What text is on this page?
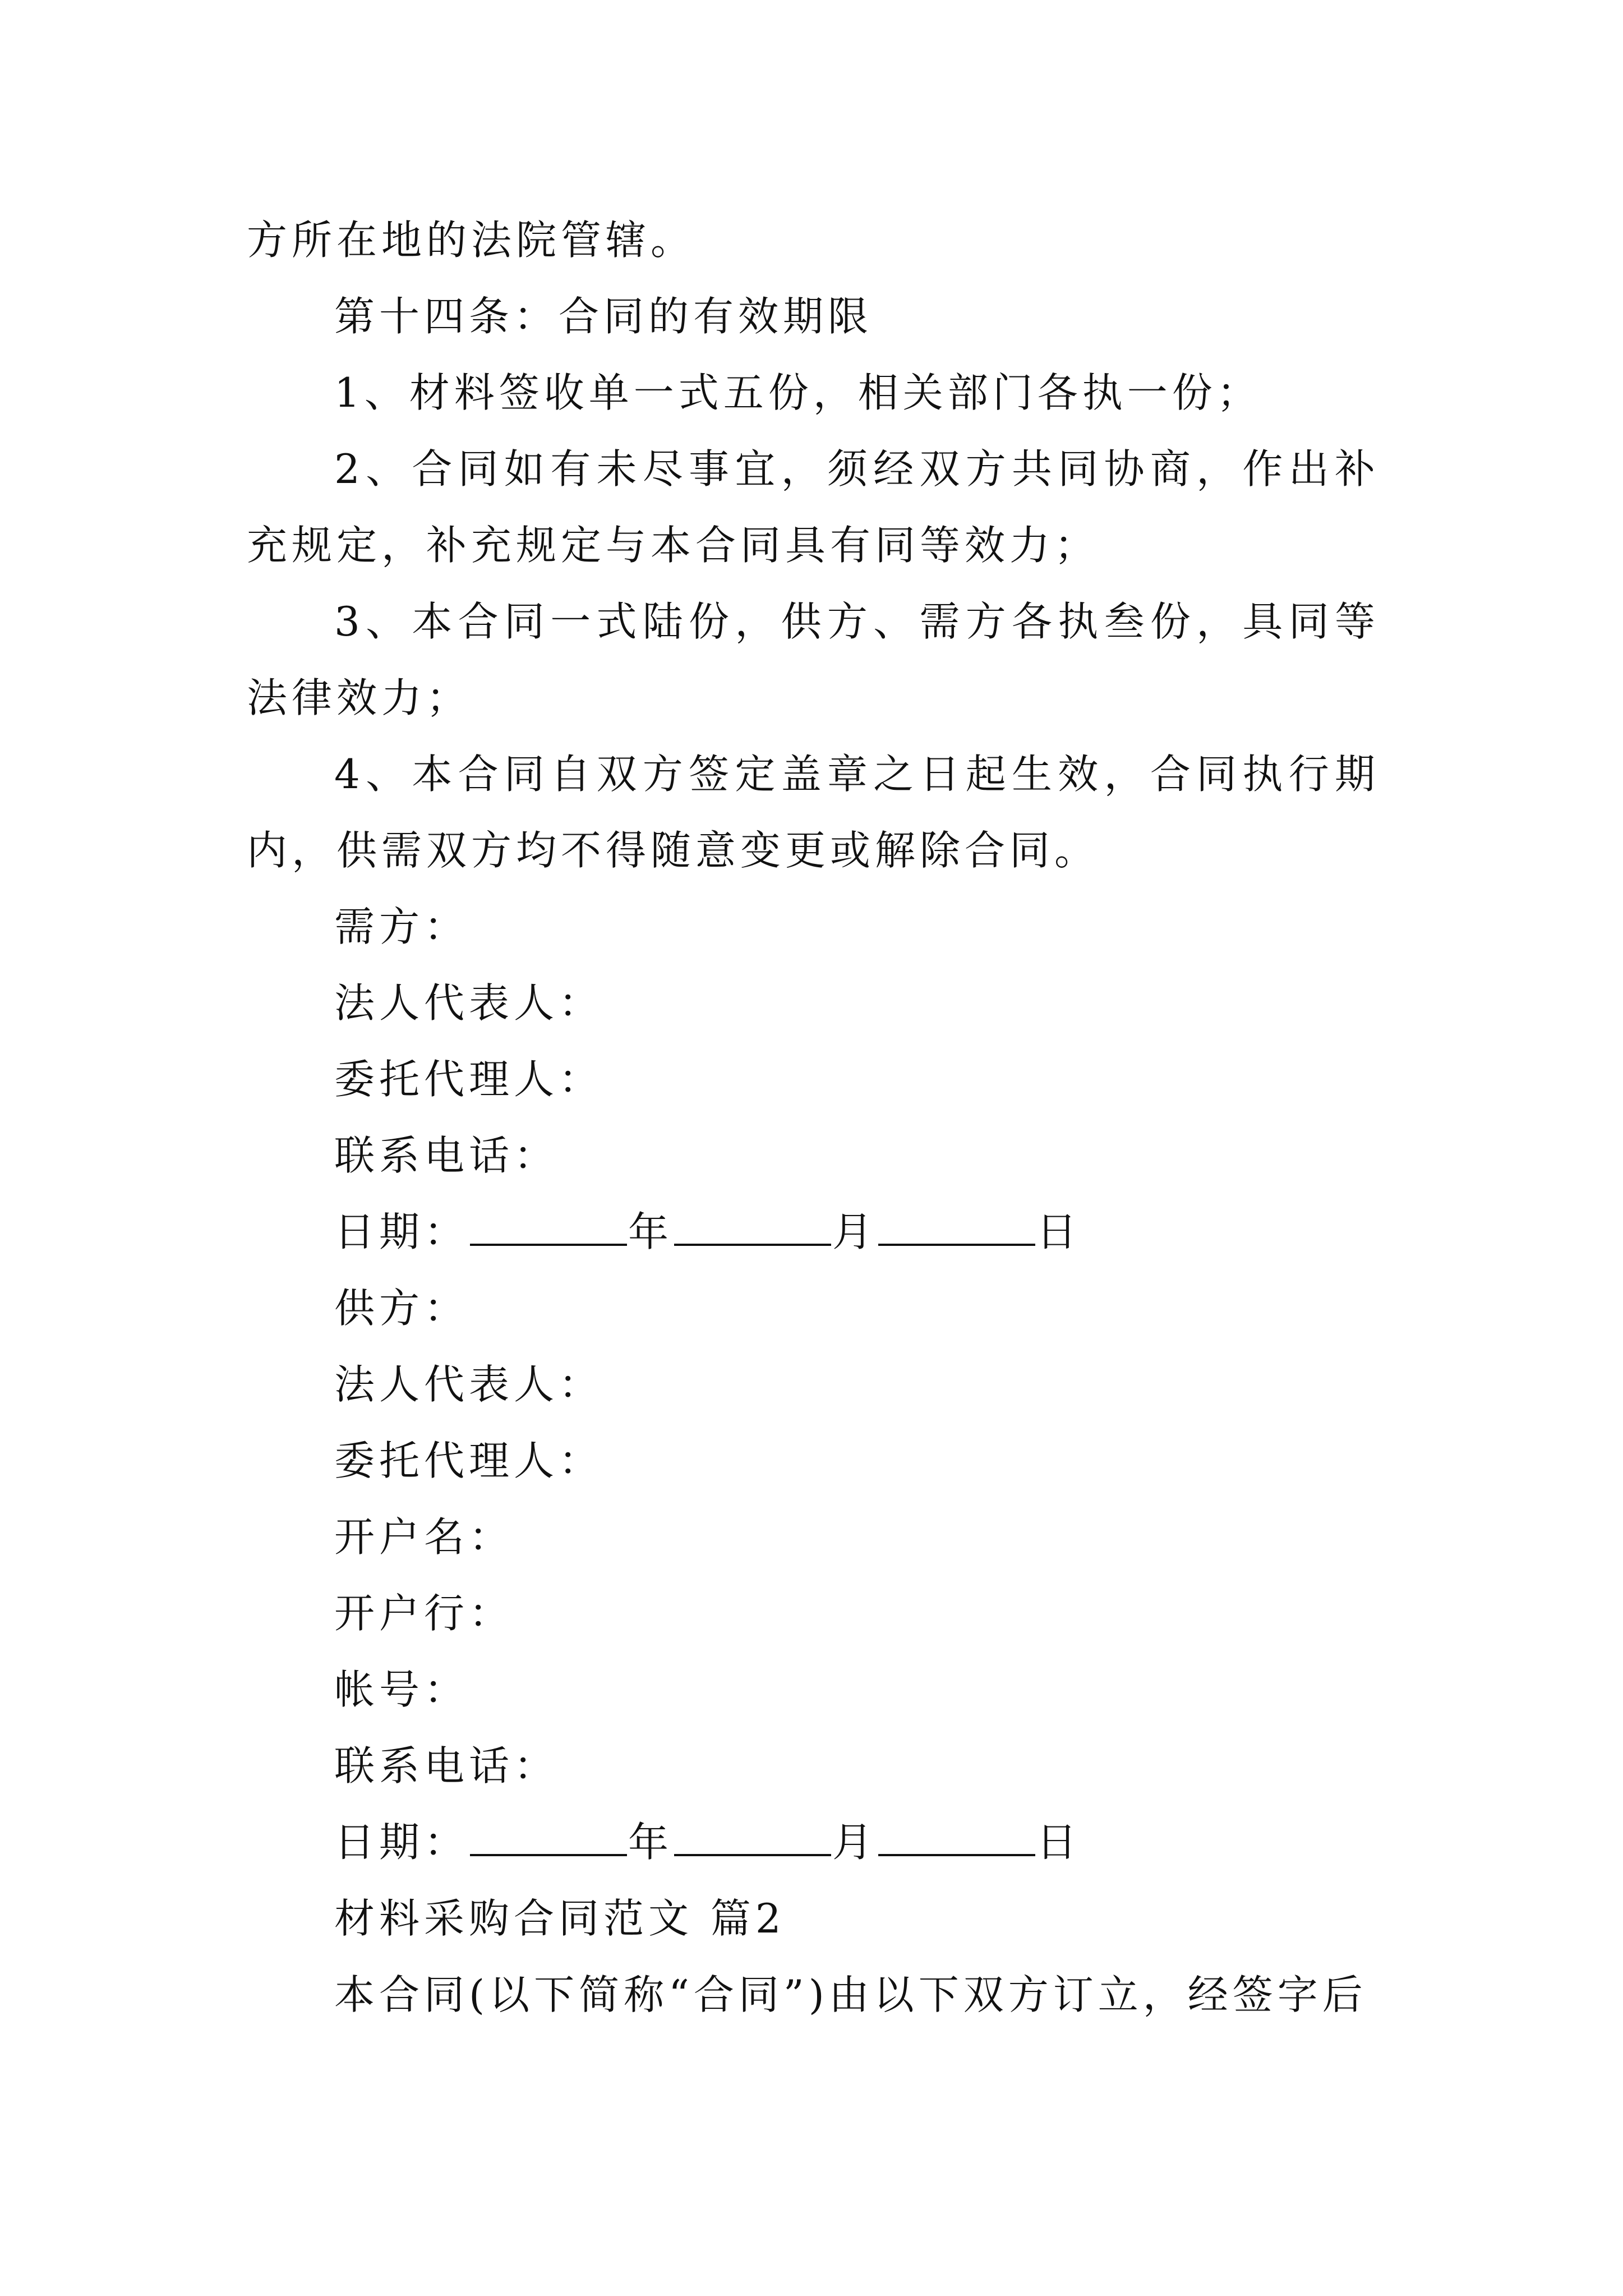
方所在地的法院管辖。

第十四条：合同的有效期限

1、材料签收单一式五份，相关部门各执一份；

2、合同如有未尽事宜，须经双方共同协商，作出补充规定，补充规定与本合同具有同等效力；

3、本合同一式陆份，供方、需方各执叁份，具同等法律效力；

4、本合同自双方签定盖章之日起生效，合同执行期内，供需双方均不得随意变更或解除合同。

需方：

法人代表人：

委托代理人：

联系电话：

日期：	年	月	日

供方：

法人代表人：

委托代理人：

开户名：

开户行：

帐号：

联系电话：

日期：	年	月	日

材料采购合同范文 篇2

本合同(以下简称“合同”)由以下双方订立，经签字后
